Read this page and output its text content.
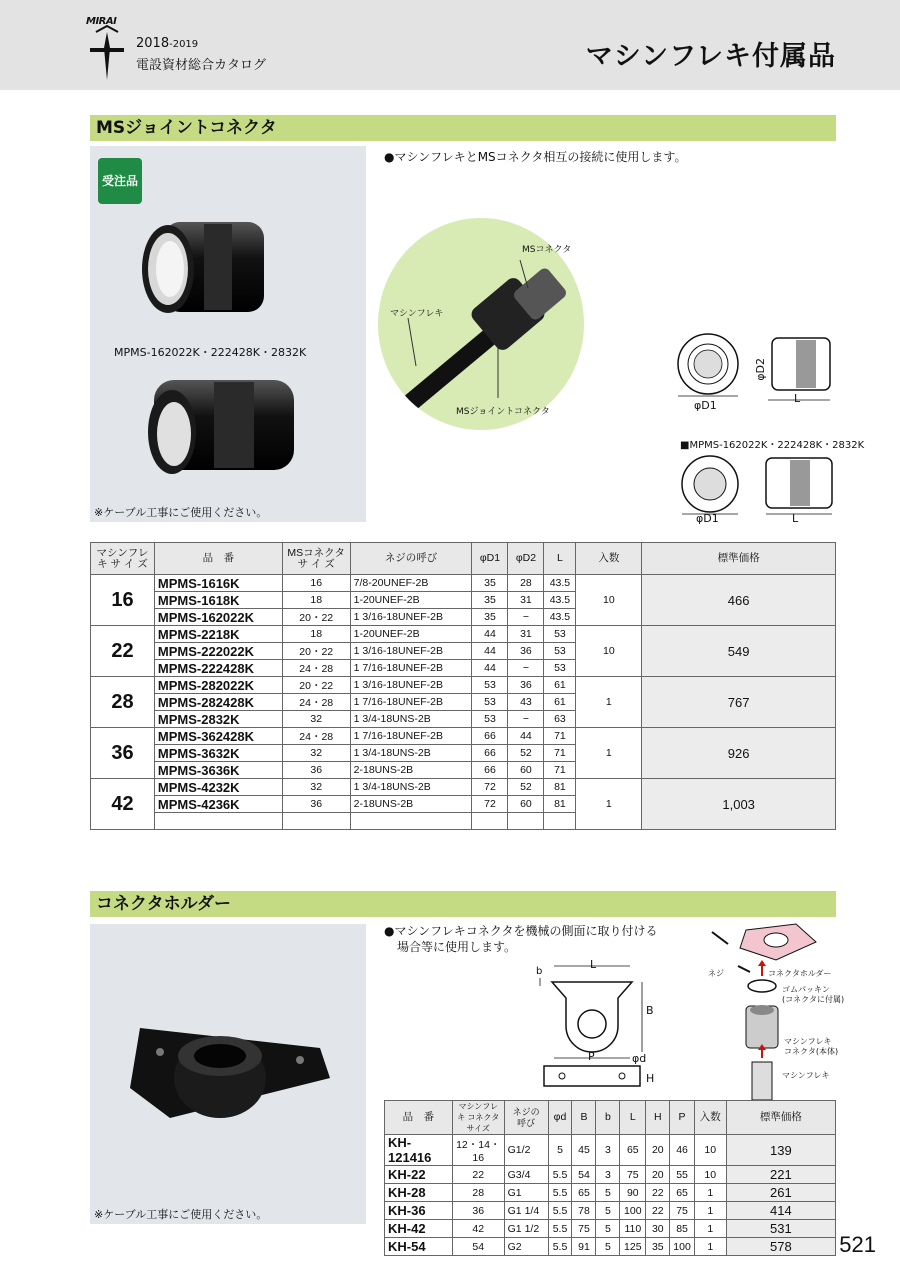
MIRAI
2018-2019
電設資材総合カタログ	マシンフレキ付属品
MSジョイントコネクタ
MPMS-162022K・222428K・2832K
※ケーブル工事にご使用ください。
受注品
●マシンフレキとMSコネクタ相互の接続に使用します。
MSコネクタ
マシンフレキ
MSジョイントコネクタ	φD1
φD2
L
■MPMS-162022K・222428K・2832K
φD1	L
マシンフレキ サ イ ズ	品　番	MSコネクタ サ イ ズ	ネジの呼び	φD1	φD2	L	入数	標準価格
16	MPMS-1616K	16	7/8-20UNEF-2B	35	28	43.5	10	466
	MPMS-1618K	18	1-20UNEF-2B	35	31	43.5		
	MPMS-162022K	20・22	1 3/16-18UNEF-2B	35	−	43.5		
22	MPMS-2218K	18	1-20UNEF-2B	44	31	53	10	549
	MPMS-222022K	20・22	1 3/16-18UNEF-2B	44	36	53		
	MPMS-222428K	24・28	1 7/16-18UNEF-2B	44	−	53		
28	MPMS-282022K	20・22	1 3/16-18UNEF-2B	53	36	61	1	767
	MPMS-282428K	24・28	1 7/16-18UNEF-2B	53	43	61		
	MPMS-2832K	32	1 3/4-18UNS-2B	53	−	63		
36	MPMS-362428K	24・28	1 7/16-18UNEF-2B	66	44	71	1	926
	MPMS-3632K	32	1 3/4-18UNS-2B	66	52	71		
	MPMS-3636K	36	2-18UNS-2B	66	60	71		
42	MPMS-4232K	32	1 3/4-18UNS-2B	72	52	81	1	1,003
	MPMS-4236K	36	2-18UNS-2B	72	60	81		

コネクタホルダー
※ケーブル工事にご使用ください。
●マシンフレキコネクタを機械の側面に取り付ける
場合等に使用します。
b
L
B
P	φd
H
ネジ	コネクタホルダー
ゴムパッキン
(コネクタに付属)
マシンフレキ
コネクタ(本体)
マシンフレキ
品　番	マシンフレキ コネクタサイズ	ネジの 呼び	φd	B	b	L	H	P	入数	標準価格
KH-121416	12・14・16	G1/2	5	45	3	65	20	46	10	139
KH-22	22	G3/4	5.5	54	3	75	20	55	10	221
KH-28	28	G1	5.5	65	5	90	22	65	1	261
KH-36	36	G1 1/4	5.5	78	5	100	22	75	1	414
KH-42	42	G1 1/2	5.5	75	5	110	30	85	1	531
KH-54	54	G2	5.5	91	5	125	35	100	1	578 521
